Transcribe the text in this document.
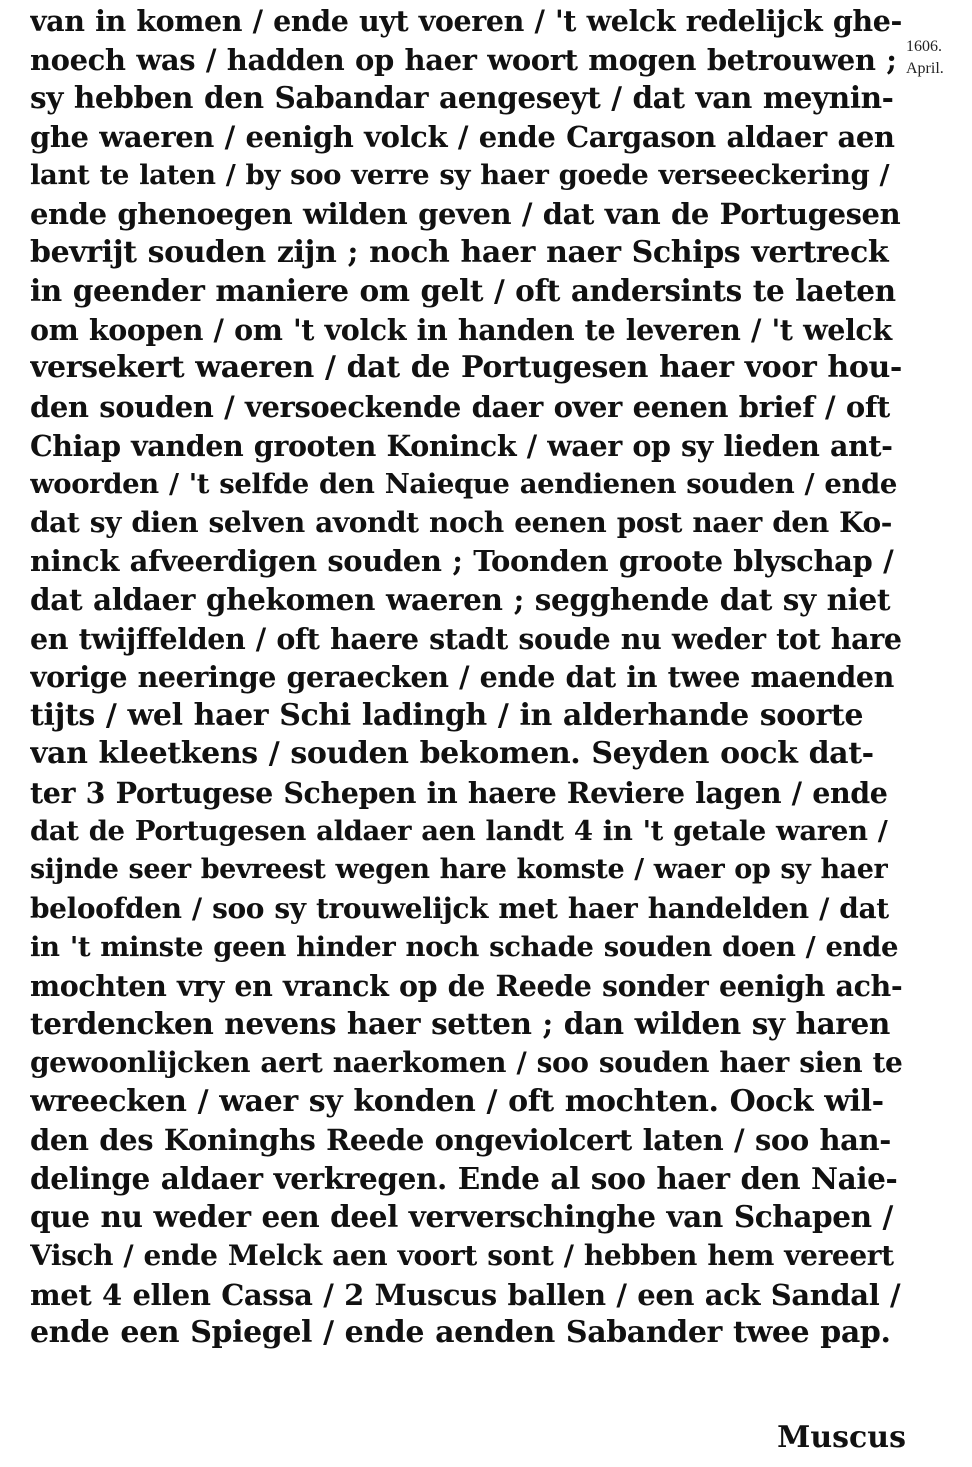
1606.
April.
van in komen / ende uyt voeren / 't welck redelijck ghe-
noech was / hadden op haer woort mogen betrouwen ;
sy hebben den Sabandar aengeseyt / dat van meynin-
ghe waeren / eenigh volck / ende Cargason aldaer aen
lant te laten / by soo verre sy haer goede verseeckering /
ende ghenoegen wilden geven / dat van de Portugesen
bevrijt souden zijn ; noch haer naer Schips vertreck
in geender maniere om gelt / oft andersints te laeten
om koopen / om 't volck in handen te leveren / 't welck
versekert waeren / dat de Portugesen haer voor hou-
den souden / versoeckende daer over eenen brief / oft
Chiap vanden grooten Koninck / waer op sy lieden ant-
woorden / 't selfde den Naieque aendienen souden / ende
dat sy dien selven avondt noch eenen post naer den Ko-
ninck afveerdigen souden ; Toonden groote blyschap /
dat aldaer ghekomen waeren ; segghende dat sy niet
en twijffelden / oft haere stadt soude nu weder tot hare
vorige neeringe geraecken / ende dat in twee maenden
tijts / wel haer Schi ladingh / in alderhande soorte
van kleetkens / souden bekomen. Seyden oock dat-
ter 3 Portugese Schepen in haere Reviere lagen / ende
dat de Portugesen aldaer aen landt 4 in 't getale waren /
sijnde seer bevreest wegen hare komste / waer op sy haer
beloofden / soo sy trouwelijck met haer handelden / dat
in 't minste geen hinder noch schade souden doen / ende
mochten vry en vranck op de Reede sonder eenigh ach-
terdencken nevens haer setten ; dan wilden sy haren
gewoonlijcken aert naerkomen / soo souden haer sien te
wreecken / waer sy konden / oft mochten. Oock wil-
den des Koninghs Reede ongeviolcert laten / soo han-
delinge aldaer verkregen. Ende al soo haer den Naie-
que nu weder een deel ververschinghe van Schapen /
Visch / ende Melck aen voort sont / hebben hem vereert
met 4 ellen Cassa / 2 Muscus ballen / een ack Sandal /
ende een Spiegel / ende aenden Sabander twee pap.
Muscus
